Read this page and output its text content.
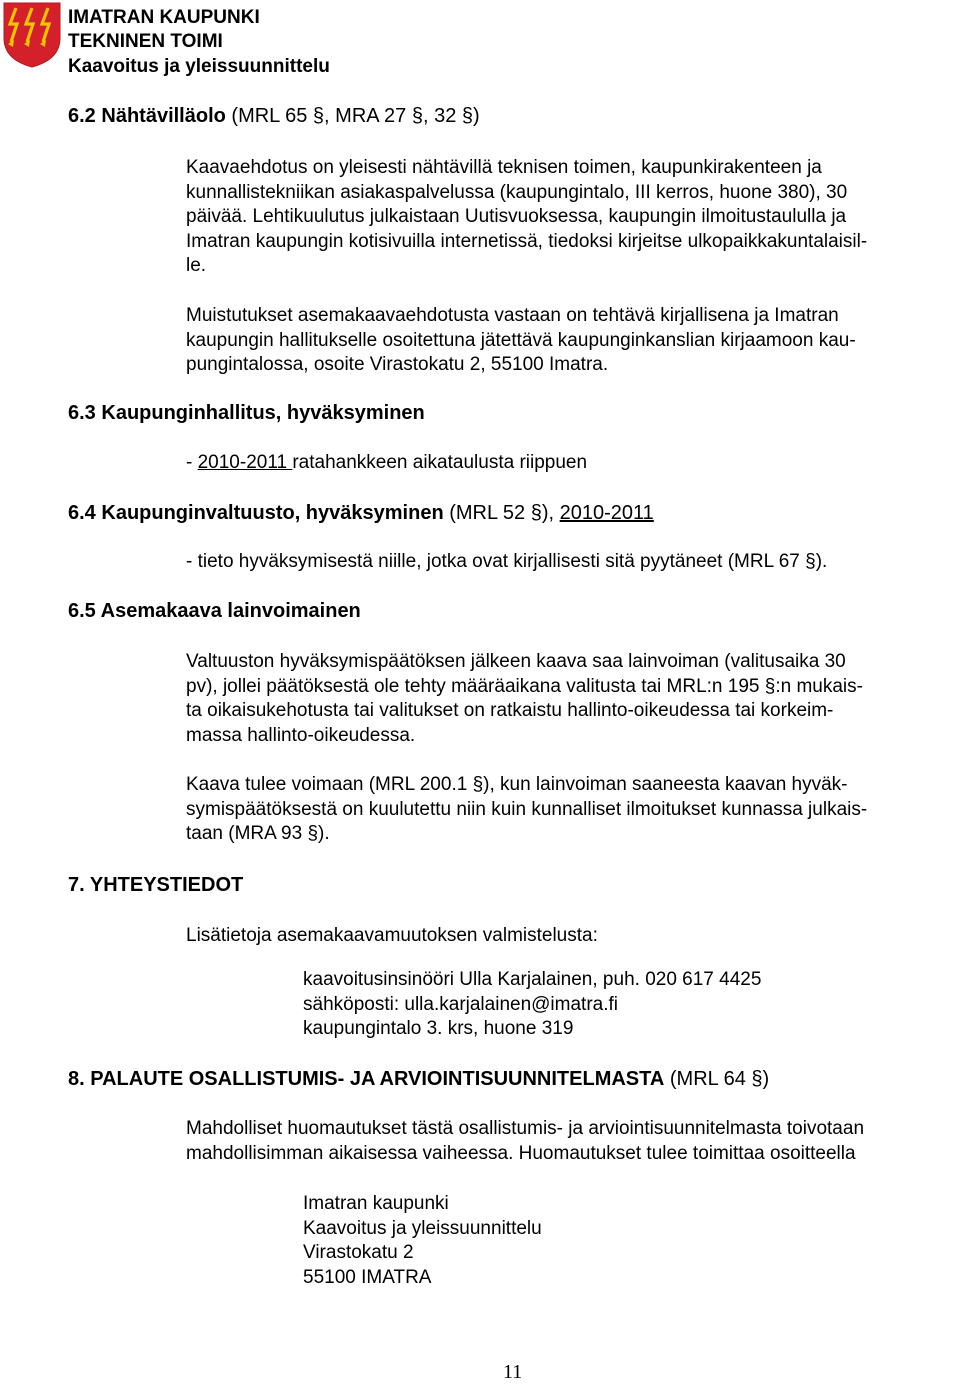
IMATRAN KAUPUNKI
TEKNINEN TOIMI
Kaavoitus ja yleissuunnittelu
6.2 Nähtävilläolo (MRL 65 §, MRA 27 §, 32 §)
Kaavaehdotus on yleisesti nähtävillä teknisen toimen, kaupunkirakenteen ja
kunnallistekniikan asiakaspalvelussa (kaupungintalo, III kerros, huone 380), 30
päivää. Lehtikuulutus julkaistaan Uutisvuoksessa, kaupungin ilmoitustaululla ja
Imatran kaupungin kotisivuilla internetissä, tiedoksi kirjeitse ulkopaikkakuntalaisil-
le.
Muistutukset asemakaavaehdotusta vastaan on tehtävä kirjallisena ja Imatran
kaupungin hallitukselle osoitettuna jätettävä kaupunginkanslian kirjaamoon kau-
pungintalossa, osoite Virastokatu 2, 55100 Imatra.
6.3 Kaupunginhallitus, hyväksyminen
- 2010-2011 ratahankkeen aikataulusta riippuen
6.4 Kaupunginvaltuusto, hyväksyminen (MRL 52 §), 2010-2011
- tieto hyväksymisestä niille, jotka ovat kirjallisesti sitä pyytäneet (MRL 67 §).
6.5 Asemakaava lainvoimainen
Valtuuston hyväksymispäätöksen jälkeen kaava saa lainvoiman (valitusaika 30
pv), jollei päätöksestä ole tehty määräaikana valitusta tai MRL:n 195 §:n mukais-
ta oikaisukehotusta tai valitukset on ratkaistu hallinto-oikeudessa tai korkeim-
massa hallinto-oikeudessa.
Kaava tulee voimaan (MRL 200.1 §), kun lainvoiman saaneesta kaavan hyväk-
symispäätöksestä on kuulutettu niin kuin kunnalliset ilmoitukset kunnassa julkais-
taan (MRA 93 §).
7. YHTEYSTIEDOT
Lisätietoja asemakaavamuutoksen valmistelusta:
kaavoitusinsinööri Ulla Karjalainen, puh. 020 617 4425
sähköposti: ulla.karjalainen@imatra.fi
kaupungintalo 3. krs, huone 319
8. PALAUTE OSALLISTUMIS- JA ARVIOINTISUUNNITELMASTA (MRL 64 §)
Mahdolliset huomautukset tästä osallistumis- ja arviointisuunnitelmasta toivotaan
mahdollisimman aikaisessa vaiheessa. Huomautukset tulee toimittaa osoitteella
Imatran kaupunki
Kaavoitus ja yleissuunnittelu
Virastokatu 2
55100 IMATRA
11
